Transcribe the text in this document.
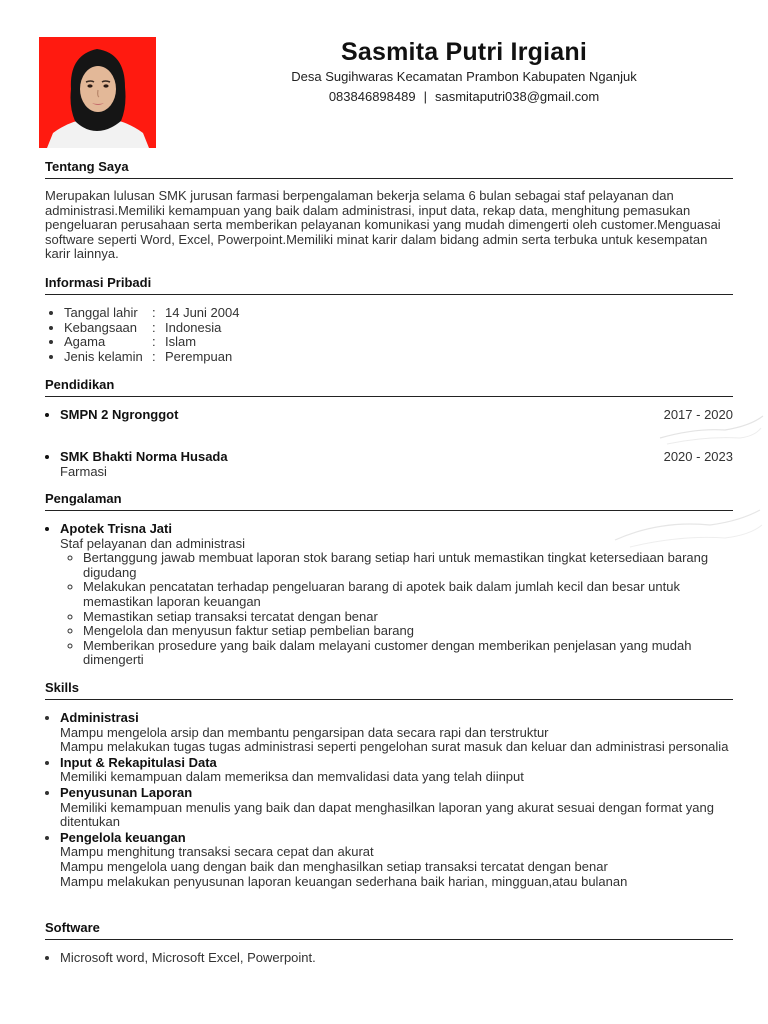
Sasmita Putri Irgiani
Desa Sugihwaras Kecamatan Prambon Kabupaten Nganjuk
083846898489 | sasmitaputri038@gmail.com
Tentang Saya

Merupakan lulusan SMK jurusan farmasi berpengalaman bekerja selama 6 bulan sebagai staf pelayanan dan administrasi.Memiliki kemampuan yang baik dalam administrasi, input data, rekap data, menghitung pemasukan pengeluaran perusahaan serta memberikan pelayanan komunikasi yang mudah dimengerti oleh customer.Menguasai software seperti Word, Excel, Powerpoint.Memiliki minat karir dalam bidang admin serta terbuka untuk kesempatan karir lainnya.

Informasi Pribadi
• Tanggal lahir	: 14 Juni 2004
• Kebangsaan	: Indonesia
• Agama	: Islam
• Jenis kelamin : Perempuan
Pendidikan
• SMPN 2 Ngronggot	2017 - 2020
• SMK Bhakti Norma Husada	2020 - 2023
Farmasi
Pengalaman
• Apotek Trisna Jati
Staf pelayanan dan administrasi
◦ Bertanggung jawab membuat laporan stok barang setiap hari untuk memastikan tingkat ketersediaan barang digudang
◦ Melakukan pencatatan terhadap pengeluaran barang di apotek baik dalam jumlah kecil dan besar untuk memastikan laporan keuangan
◦ Memastikan setiap transaksi tercatat dengan benar
◦ Mengelola dan menyusun faktur setiap pembelian barang
◦ Memberikan prosedure yang baik dalam melayani customer dengan memberikan penjelasan yang mudah dimengerti
Skills
• Administrasi
Mampu mengelola arsip dan membantu pengarsipan data secara rapi dan terstruktur
Mampu melakukan tugas tugas administrasi seperti pengelohan surat masuk dan keluar dan administrasi personalia
• Input & Rekapitulasi Data
Memiliki kemampuan dalam memeriksa dan memvalidasi data yang telah diinput
• Penyusunan Laporan
Memiliki kemampuan menulis yang baik dan dapat menghasilkan laporan yang akurat sesuai dengan format yang ditentukan
• Pengelola keuangan
Mampu menghitung transaksi secara cepat dan akurat
Mampu mengelola uang dengan baik dan menghasilkan setiap transaksi tercatat dengan benar
Mampu melakukan penyusunan laporan keuangan sederhana baik harian, mingguan,atau bulanan
Software
• Microsoft word, Microsoft Excel, Powerpoint.
